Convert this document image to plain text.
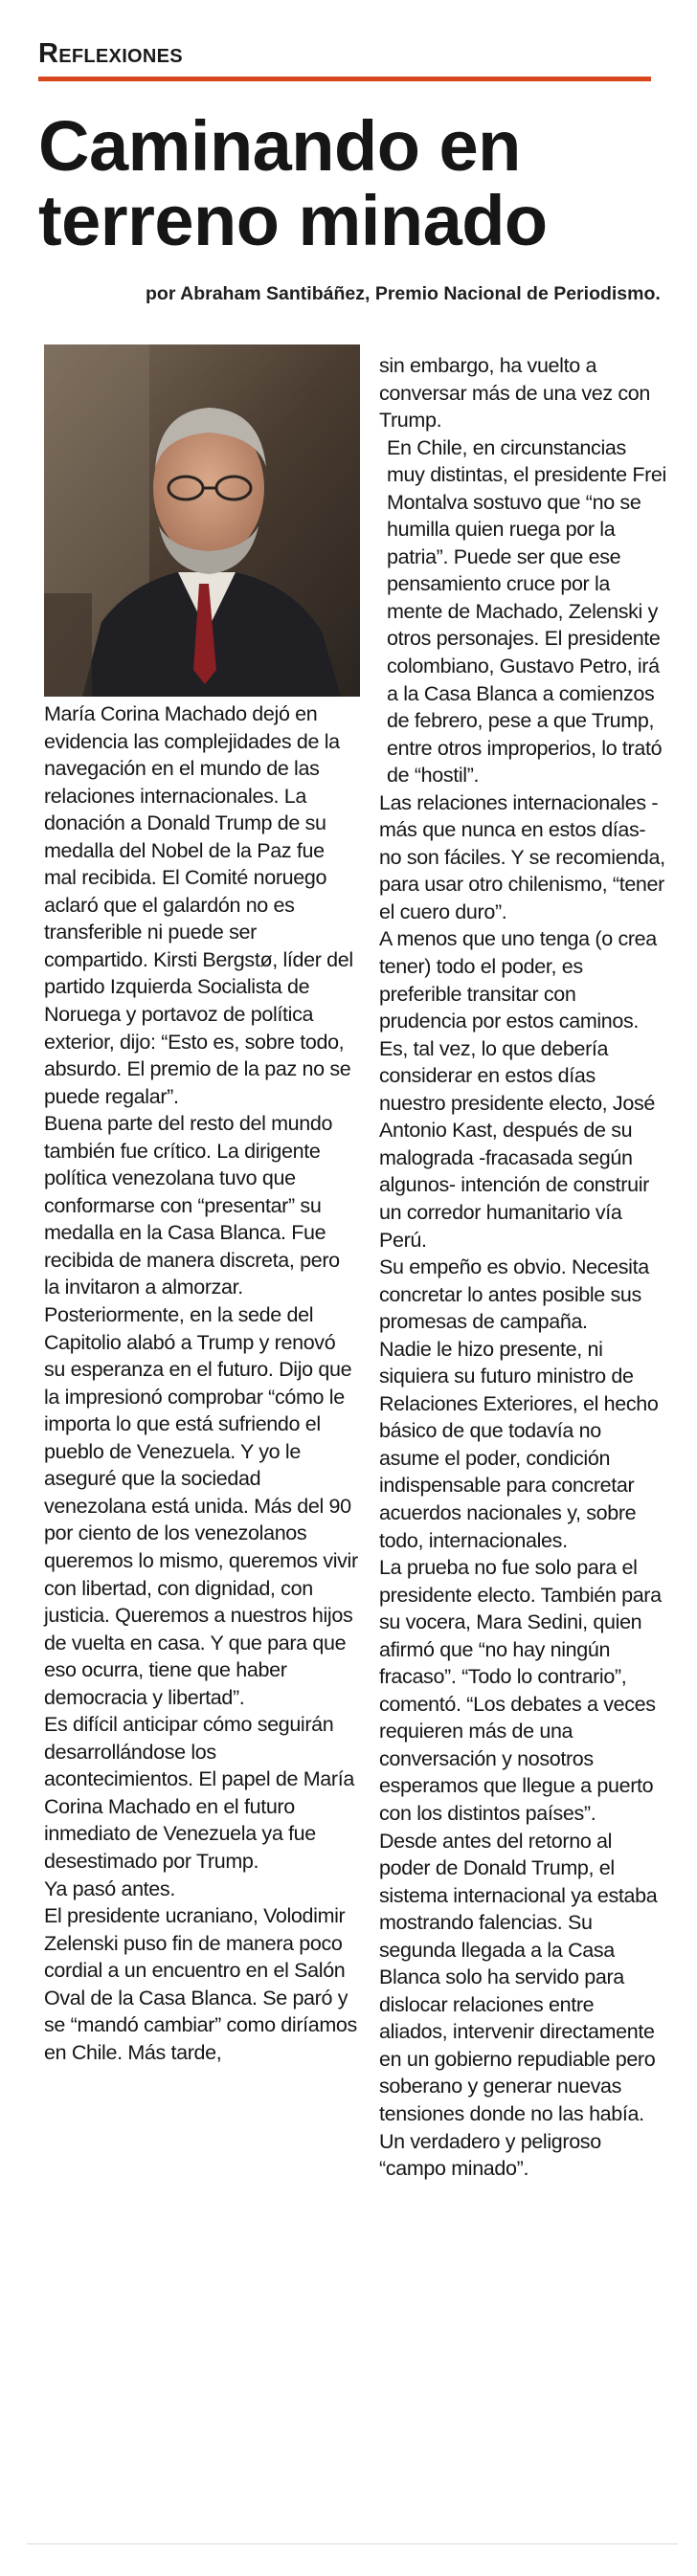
Reflexiones
Caminando en
terreno minado
por Abraham Santibáñez, Premio Nacional de Periodismo.

María Corina Machado dejó en evidencia las complejidades de la navegación en el mundo de las relaciones internacionales. La donación a Donald Trump de su medalla del Nobel de la Paz fue mal recibida. El Comité noruego aclaró que el galardón no es transferible ni puede ser compartido. Kirsti Bergstø, líder del partido Izquierda Socialista de Noruega y portavoz de política exterior, dijo: “Esto es, sobre todo, absurdo. El premio de la paz no se puede regalar”.

Buena parte del resto del mundo también fue crítico. La dirigente política venezolana tuvo que conformarse con “presentar” su medalla en la Casa Blanca. Fue recibida de manera discreta, pero la invitaron a almorzar. Posteriormente, en la sede del Capitolio alabó a Trump y renovó su esperanza en el futuro. Dijo que la impresionó comprobar “cómo le importa lo que está sufriendo el pueblo de Venezuela. Y yo le aseguré que la sociedad venezolana está unida. Más del 90 por ciento de los venezolanos queremos lo mismo, queremos vivir con libertad, con dignidad, con justicia. Queremos a nuestros hijos de vuelta en casa. Y que para que eso ocurra, tiene que haber democracia y libertad”.

Es difícil anticipar cómo seguirán desarrollándose los acontecimientos. El papel de María Corina Machado en el futuro inmediato de Venezuela ya fue desestimado por Trump.

Ya pasó antes.

El presidente ucraniano, Volodimir Zelenski puso fin de manera poco cordial a un encuentro en el Salón Oval de la Casa Blanca. Se paró y se “mandó cambiar” como diríamos en Chile. Más tarde,

sin embargo, ha vuelto a conversar más de una vez con Trump.

En Chile, en circunstancias muy distintas, el presidente Frei Montalva sostuvo que “no se humilla quien ruega por la patria”. Puede ser que ese pensamiento cruce por la mente de Machado, Zelenski y otros personajes. El presidente colombiano, Gustavo Petro, irá a la Casa Blanca a comienzos de febrero, pese a que Trump, entre otros improperios, lo trató de “hostil”.

Las relaciones internacionales -más que nunca en estos días- no son fáciles. Y se recomienda, para usar otro chilenismo, “tener el cuero duro”.

A menos que uno tenga (o crea tener) todo el poder, es preferible transitar con prudencia por estos caminos.

Es, tal vez, lo que debería considerar en estos días nuestro presidente electo, José Antonio Kast, después de su malograda -fracasada según algunos- intención de construir un corredor humanitario vía Perú.

Su empeño es obvio. Necesita concretar lo antes posible sus promesas de campaña.

Nadie le hizo presente, ni siquiera su futuro ministro de Relaciones Exteriores, el hecho básico de que todavía no asume el poder, condición indispensable para concretar acuerdos nacionales y, sobre todo, internacionales.

La prueba no fue solo para el presidente electo. También para su vocera, Mara Sedini, quien afirmó que “no hay ningún fracaso”. “Todo lo contrario”, comentó. “Los debates a veces requieren más de una conversación y nosotros esperamos que llegue a puerto con los distintos países”.

Desde antes del retorno al poder de Donald Trump, el sistema internacional ya estaba mostrando falencias. Su segunda llegada a la Casa Blanca solo ha servido para dislocar relaciones entre aliados, intervenir directamente en un gobierno repudiable pero soberano y generar nuevas tensiones donde no las había.

Un verdadero y peligroso “campo minado”.
